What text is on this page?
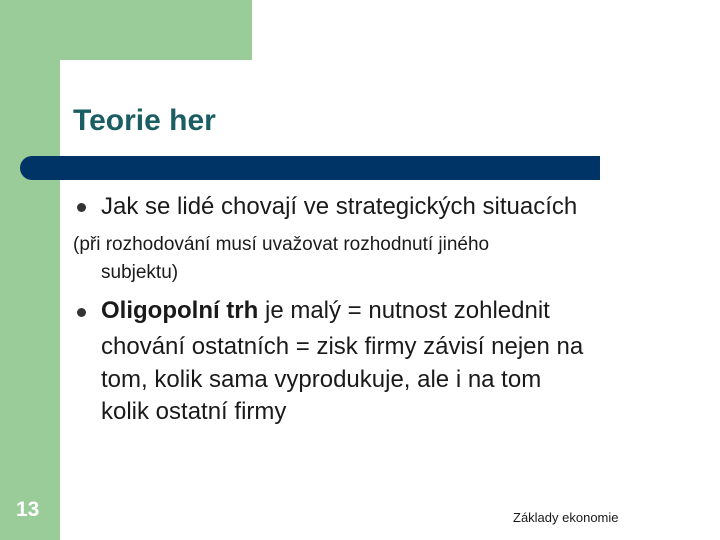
Teorie her
Jak se lidé chovají ve strategických situacích
(při rozhodování musí uvažovat rozhodnutí jiného
subjektu)
Oligopolní trh je malý = nutnost zohlednit
chování ostatních = zisk firmy závisí nejen na
tom, kolik sama vyprodukuje, ale i na tom
kolik ostatní firmy
13	Základy ekonomie
